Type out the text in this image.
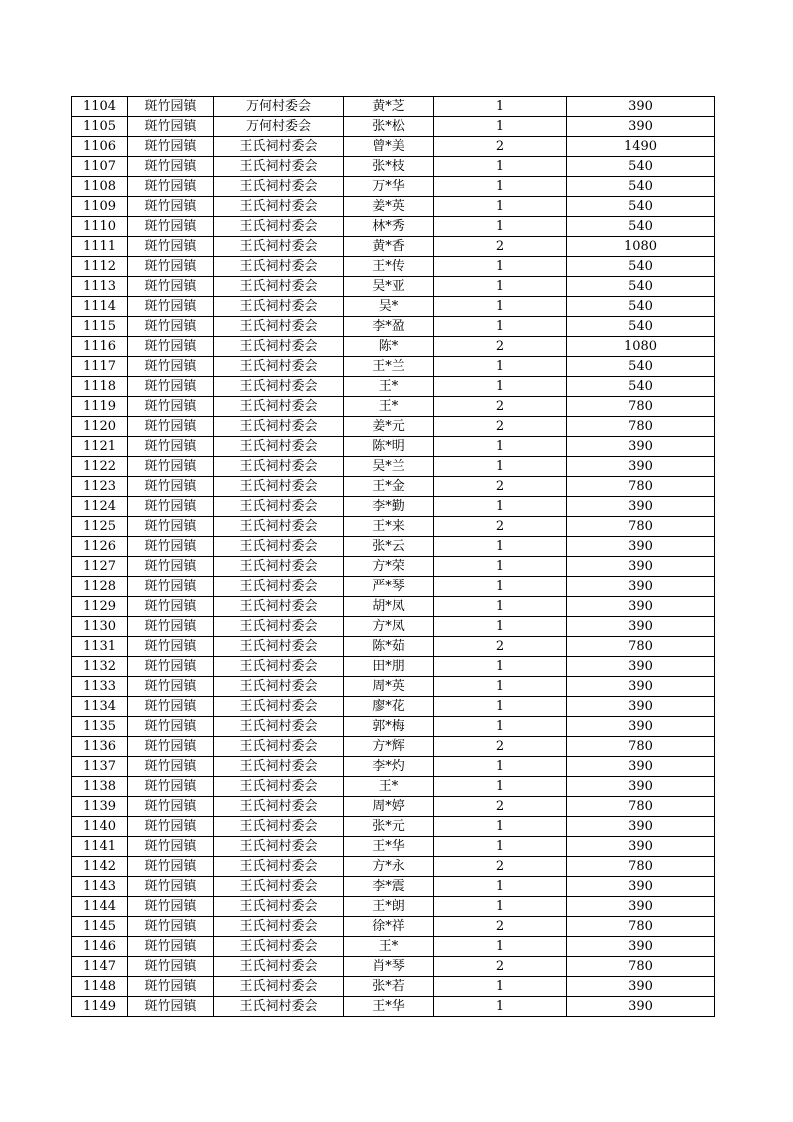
1104	斑竹园镇	万何村委会	黄*芝	1	390
1105	斑竹园镇	万何村委会	张*松	1	390
1106	斑竹园镇	王氏祠村委会	曾*美	2	1490
1107	斑竹园镇	王氏祠村委会	张*枝	1	540
1108	斑竹园镇	王氏祠村委会	万*华	1	540
1109	斑竹园镇	王氏祠村委会	姜*英	1	540
1110	斑竹园镇	王氏祠村委会	林*秀	1	540
1111	斑竹园镇	王氏祠村委会	黄*香	2	1080
1112	斑竹园镇	王氏祠村委会	王*传	1	540
1113	斑竹园镇	王氏祠村委会	吴*亚	1	540
1114	斑竹园镇	王氏祠村委会	吴*	1	540
1115	斑竹园镇	王氏祠村委会	李*盈	1	540
1116	斑竹园镇	王氏祠村委会	陈*	2	1080
1117	斑竹园镇	王氏祠村委会	王*兰	1	540
1118	斑竹园镇	王氏祠村委会	王*	1	540
1119	斑竹园镇	王氏祠村委会	王*	2	780
1120	斑竹园镇	王氏祠村委会	姜*元	2	780
1121	斑竹园镇	王氏祠村委会	陈*明	1	390
1122	斑竹园镇	王氏祠村委会	吴*兰	1	390
1123	斑竹园镇	王氏祠村委会	王*金	2	780
1124	斑竹园镇	王氏祠村委会	李*勤	1	390
1125	斑竹园镇	王氏祠村委会	王*来	2	780
1126	斑竹园镇	王氏祠村委会	张*云	1	390
1127	斑竹园镇	王氏祠村委会	方*荣	1	390
1128	斑竹园镇	王氏祠村委会	严*琴	1	390
1129	斑竹园镇	王氏祠村委会	胡*凤	1	390
1130	斑竹园镇	王氏祠村委会	方*凤	1	390
1131	斑竹园镇	王氏祠村委会	陈*茹	2	780
1132	斑竹园镇	王氏祠村委会	田*朋	1	390
1133	斑竹园镇	王氏祠村委会	周*英	1	390
1134	斑竹园镇	王氏祠村委会	廖*花	1	390
1135	斑竹园镇	王氏祠村委会	郭*梅	1	390
1136	斑竹园镇	王氏祠村委会	方*辉	2	780
1137	斑竹园镇	王氏祠村委会	李*灼	1	390
1138	斑竹园镇	王氏祠村委会	王*	1	390
1139	斑竹园镇	王氏祠村委会	周*婷	2	780
1140	斑竹园镇	王氏祠村委会	张*元	1	390
1141	斑竹园镇	王氏祠村委会	王*华	1	390
1142	斑竹园镇	王氏祠村委会	方*永	2	780
1143	斑竹园镇	王氏祠村委会	李*震	1	390
1144	斑竹园镇	王氏祠村委会	王*朗	1	390
1145	斑竹园镇	王氏祠村委会	徐*祥	2	780
1146	斑竹园镇	王氏祠村委会	王*	1	390
1147	斑竹园镇	王氏祠村委会	肖*琴	2	780
1148	斑竹园镇	王氏祠村委会	张*若	1	390
1149	斑竹园镇	王氏祠村委会	王*华	1	390
